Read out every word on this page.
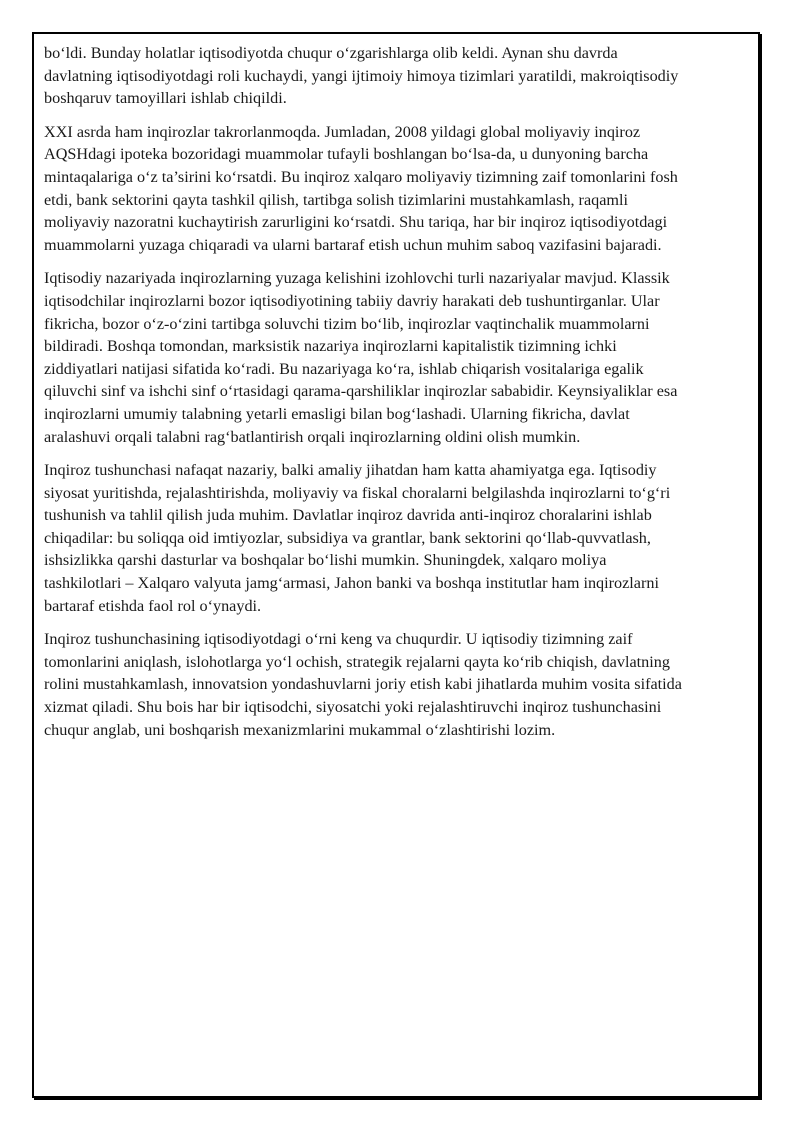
bo‘ldi. Bunday holatlar iqtisodiyotda chuqur o‘zgarishlarga olib keldi. Aynan shu davrda davlatning iqtisodiyotdagi roli kuchaydi, yangi ijtimoiy himoya tizimlari yaratildi, makroiqtisodiy boshqaruv tamoyillari ishlab chiqildi.

XXI asrda ham inqirozlar takrorlanmoqda. Jumladan, 2008 yildagi global moliyaviy inqiroz AQSHdagi ipoteka bozoridagi muammolar tufayli boshlangan bo‘lsa-da, u dunyoning barcha mintaqalariga o‘z ta’sirini ko‘rsatdi. Bu inqiroz xalqaro moliyaviy tizimning zaif tomonlarini fosh etdi, bank sektorini qayta tashkil qilish, tartibga solish tizimlarini mustahkamlash, raqamli moliyaviy nazoratni kuchaytirish zarurligini ko‘rsatdi. Shu tariqa, har bir inqiroz iqtisodiyotdagi muammolarni yuzaga chiqaradi va ularni bartaraf etish uchun muhim saboq vazifasini bajaradi.

Iqtisodiy nazariyada inqirozlarning yuzaga kelishini izohlovchi turli nazariyalar mavjud. Klassik iqtisodchilar inqirozlarni bozor iqtisodiyotining tabiiy davriy harakati deb tushuntirganlar. Ular fikricha, bozor o‘z-o‘zini tartibga soluvchi tizim bo‘lib, inqirozlar vaqtinchalik muammolarni bildiradi. Boshqa tomondan, marksistik nazariya inqirozlarni kapitalistik tizimning ichki ziddiyatlari natijasi sifatida ko‘radi. Bu nazariyaga ko‘ra, ishlab chiqarish vositalariga egalik qiluvchi sinf va ishchi sinf o‘rtasidagi qarama-qarshiliklar inqirozlar sababidir. Keynsiyaliklar esa inqirozlarni umumiy talabning yetarli emasligi bilan bog‘lashadi. Ularning fikricha, davlat aralashuvi orqali talabni rag‘batlantirish orqali inqirozlarning oldini olish mumkin.

Inqiroz tushunchasi nafaqat nazariy, balki amaliy jihatdan ham katta ahamiyatga ega. Iqtisodiy siyosat yuritishda, rejalashtirishda, moliyaviy va fiskal choralarni belgilashda inqirozlarni to‘g‘ri tushunish va tahlil qilish juda muhim. Davlatlar inqiroz davrida anti-inqiroz choralarini ishlab chiqadilar: bu soliqqa oid imtiyozlar, subsidiya va grantlar, bank sektorini qo‘llab-quvvatlash, ishsizlikka qarshi dasturlar va boshqalar bo‘lishi mumkin. Shuningdek, xalqaro moliya tashkilotlari – Xalqaro valyuta jamg‘armasi, Jahon banki va boshqa institutlar ham inqirozlarni bartaraf etishda faol rol o‘ynaydi.

Inqiroz tushunchasining iqtisodiyotdagi o‘rni keng va chuqurdir. U iqtisodiy tizimning zaif tomonlarini aniqlash, islohotlarga yo‘l ochish, strategik rejalarni qayta ko‘rib chiqish, davlatning rolini mustahkamlash, innovatsion yondashuvlarni joriy etish kabi jihatlarda muhim vosita sifatida xizmat qiladi. Shu bois har bir iqtisodchi, siyosatchi yoki rejalashtiruvchi inqiroz tushunchasini chuqur anglab, uni boshqarish mexanizmlarini mukammal o‘zlashtirishi lozim.
